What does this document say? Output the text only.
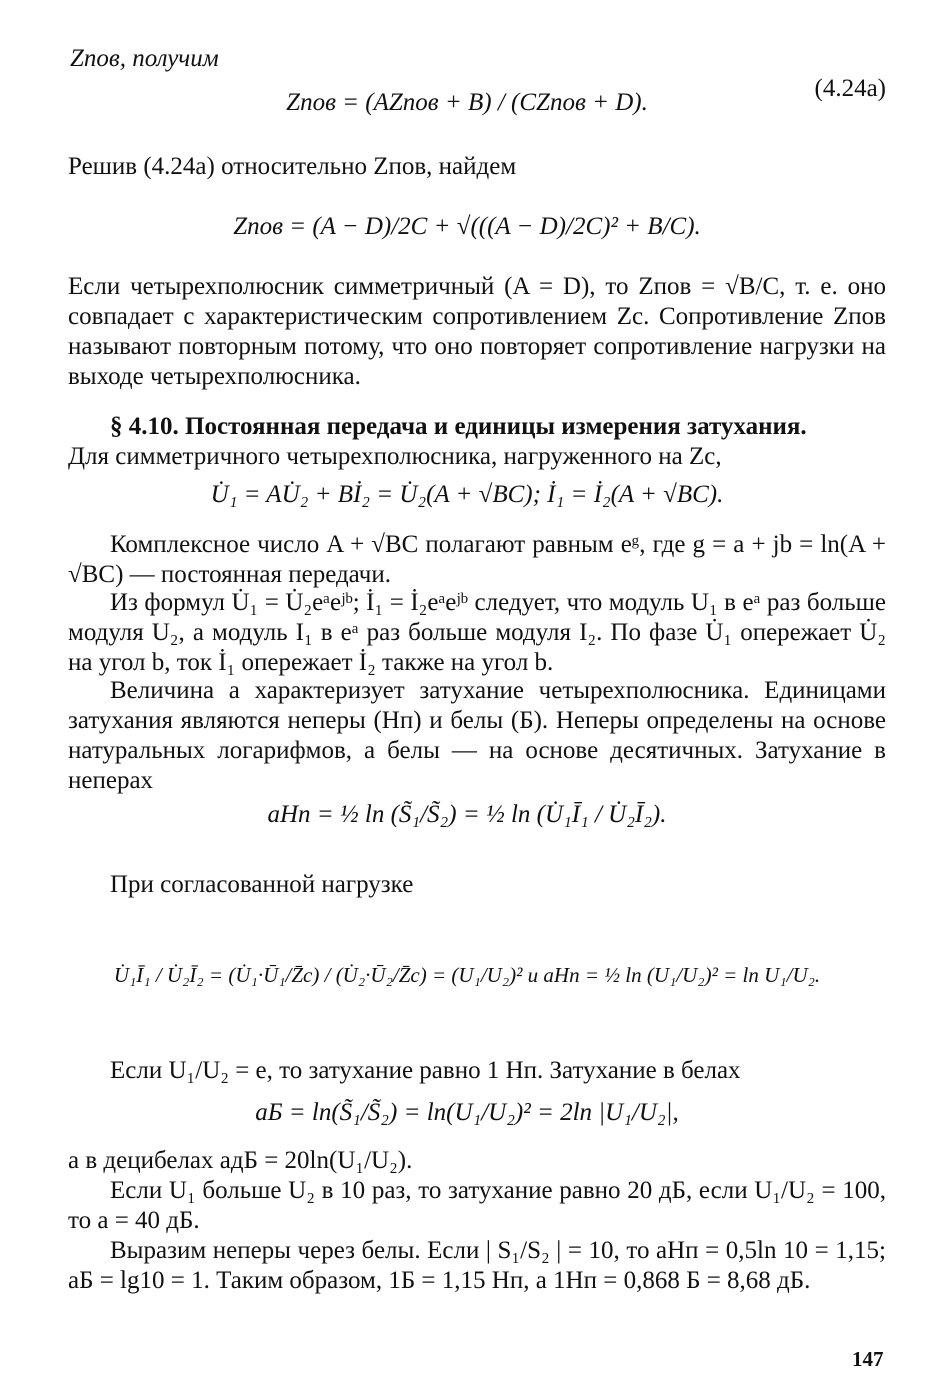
Zпов, получим
Zпов = (AZпов + B) / (CZпов + D).
(4.24а)
Решив (4.24а) относительно Zпов, найдем
Zпов = (A − D)/2C + √(((A − D)/2C)² + B/C).
Если четырехполюсник симметричный (A = D), то Zпов = √B/C, т. е. оно совпадает с характеристическим сопротивлением Zc. Сопротивление Zпов называют повторным потому, что оно повторяет сопротивление нагрузки на выходе четырехполюсника.
§ 4.10. Постоянная передача и единицы измерения затухания.
Для симметричного четырехполюсника, нагруженного на Zc,
U̇₁ = AU̇₂ + Bİ₂ = U̇₂(A + √BC); İ₁ = İ₂(A + √BC).
Комплексное число A + √BC полагают равным eᵍ, где g = a + jb = ln(A + √BC) — постоянная передачи.
Из формул U̇₁ = U̇₂eᵃeʲᵇ; İ₁ = İ₂eᵃeʲᵇ следует, что модуль U₁ в eᵃ раз больше модуля U₂, а модуль I₁ в eᵃ раз больше модуля I₂. По фазе U̇₁ опережает U̇₂ на угол b, ток İ₁ опережает İ₂ также на угол b.
Величина a характеризует затухание четырехполюсника. Единицами затухания являются неперы (Нп) и белы (Б). Неперы определены на основе натуральных логарифмов, а белы — на основе десятичных. Затухание в неперах
aНп = ½ ln (S̃₁/S̃₂) = ½ ln (U̇₁Ī₁ / U̇₂Ī₂).
При согласованной нагрузке
U̇₁Ī₁ / U̇₂Ī₂ = (U̇₁·Ū₁/Z̄c) / (U̇₂·Ū₂/Z̄c) = (U₁/U₂)² и aНп = ½ ln (U₁/U₂)² = ln U₁/U₂.
Если U₁/U₂ = e, то затухание равно 1 Нп. Затухание в белах
aБ = ln(S̃₁/S̃₂) = ln(U₁/U₂)² = 2ln |U₁/U₂|,
а в децибелах aдБ = 20ln(U₁/U₂).
Если U₁ больше U₂ в 10 раз, то затухание равно 20 дБ, если U₁/U₂ = 100, то a = 40 дБ.
Выразим неперы через белы. Если | S₁/S₂ | = 10, то aНп = 0,5ln 10 = 1,15; aБ = lg10 = 1. Таким образом, 1Б = 1,15 Нп, а 1Нп = 0,868 Б = 8,68 дБ.
147
